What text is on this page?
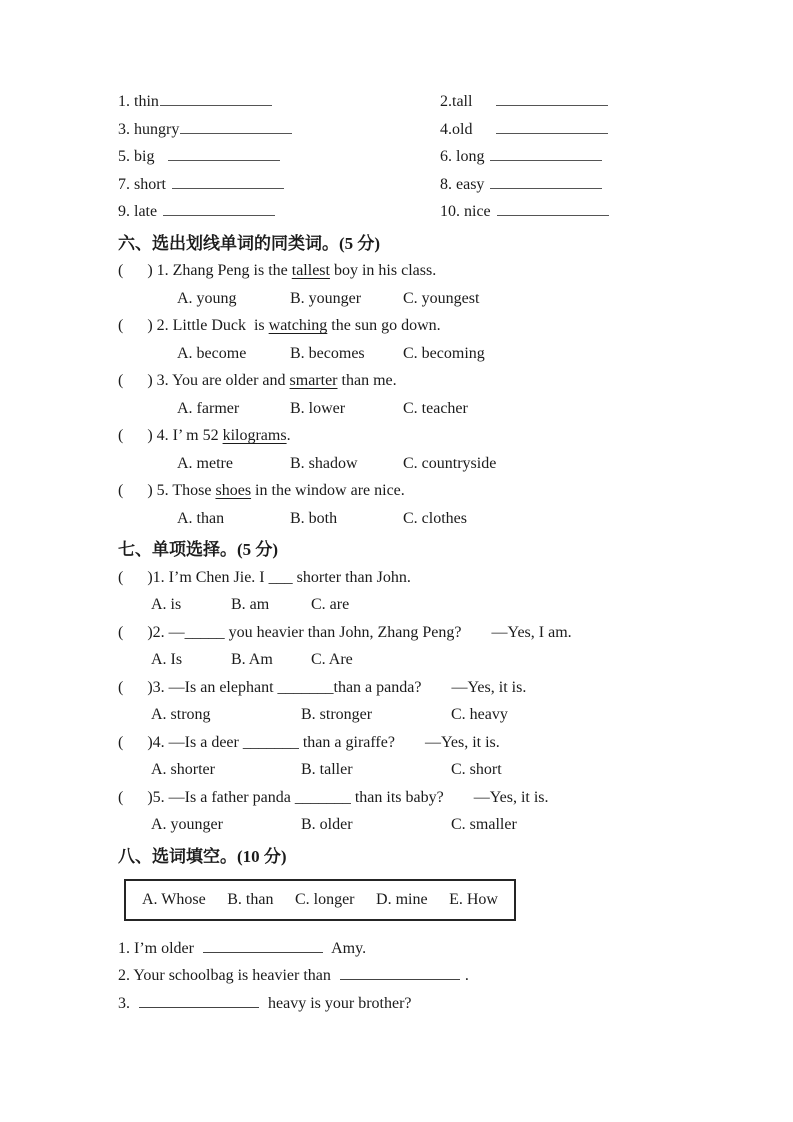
1. thin	2.tall
3. hungry	4.old
5. big	6. long
7. short	8. easy
9. late	10. nice
六、选出划线单词的同类词。(5 分)
(      ) 1. Zhang Peng is the tallest boy in his class.
A. young	B. younger	C. youngest
(      ) 2. Little Duck  is watching the sun go down.
A. become	B. becomes C. becoming
(      ) 3. You are older and smarter than me.
A. farmer	B. lower	C. teacher
(      ) 4. I’ m 52 kilograms.
A. metre	B. shadow	C. countryside
(      ) 5. Those shoes in the window are nice.
A. than	B. both	C. clothes
七、单项选择。(5 分)
(      )1. I’m Chen Jie. I ___ shorter than John.
A. is	B. am	C. are
(      )2. —_____ you heavier than John, Zhang Peng? —Yes, I am.
A. Is	B. Am C. Are
(      )3. —Is an elephant _______than a panda? —Yes, it is.
A. strong	B. stronger	C. heavy
(      )4. —Is a deer _______ than a giraffe? —Yes, it is.
A. shorter	B. taller	C. short
(      )5. —Is a father panda _______ than its baby? —Yes, it is.
A. younger	B. older	C. smaller
八、选词填空。(10 分)
A. Whose B. than C. longer D. mine E. How
1. I’m older	Amy.
2. Your schoolbag is heavier than	.
3.	heavy is your brother?
